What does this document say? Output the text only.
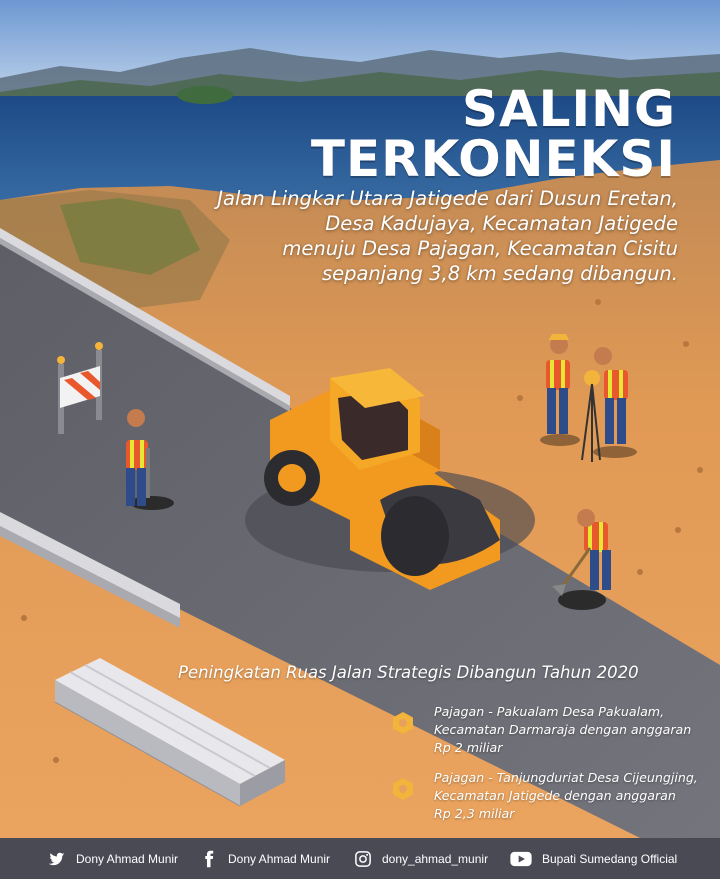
SALING
TERKONEKSI
Jalan Lingkar Utara Jatigede dari Dusun Eretan,
Desa Kadujaya, Kecamatan Jatigede
menuju Desa Pajagan, Kecamatan Cisitu
sepanjang 3,8 km sedang dibangun.
Peningkatan Ruas Jalan Strategis Dibangun Tahun 2020
Pajagan - Pakualam Desa Pakualam,
Kecamatan Darmaraja dengan anggaran
Rp 2 miliar
Pajagan - Tanjungduriat Desa Cijeungjing,
Kecamatan Jatigede dengan anggaran
Rp 2,3 miliar
Dony Ahmad Munir	Dony Ahmad Munir	dony_ahmad_munir	Bupati Sumedang Official
